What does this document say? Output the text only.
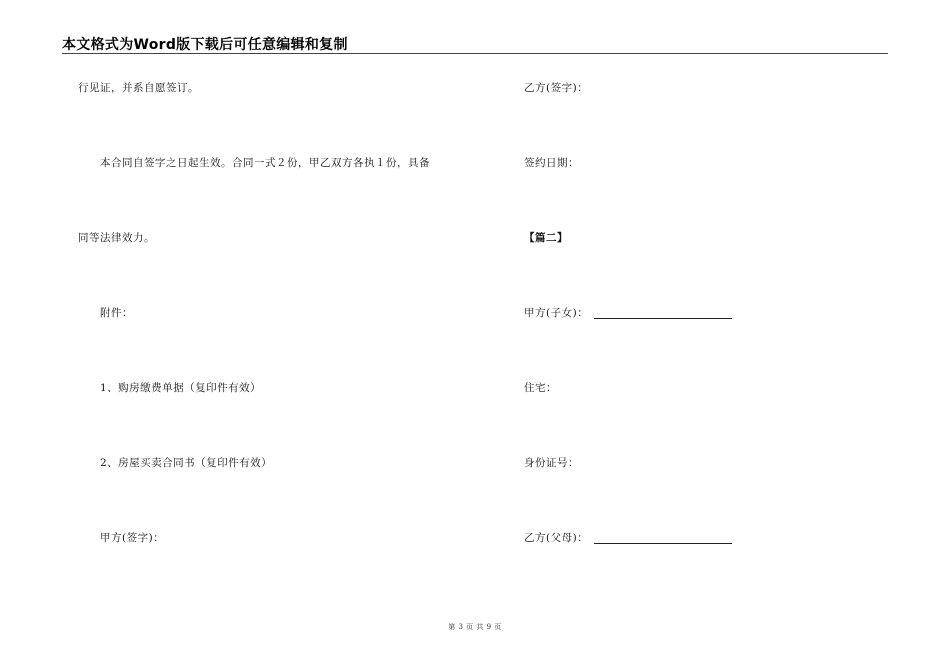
本文格式为Word版下载后可任意编辑和复制
行见证，并系自愿签订。
本合同自签字之日起生效。合同一式２份，甲乙双方各执１份，具备
同等法律效力。
附件：
1、购房缴费单据（复印件有效）
2、房屋买卖合同书（复印件有效）
甲方(签字)：
乙方(签字)：
签约日期：
【篇二】
甲方(子女)：
住宅：
身份证号：
乙方(父母)：
第 3 页 共 9 页
